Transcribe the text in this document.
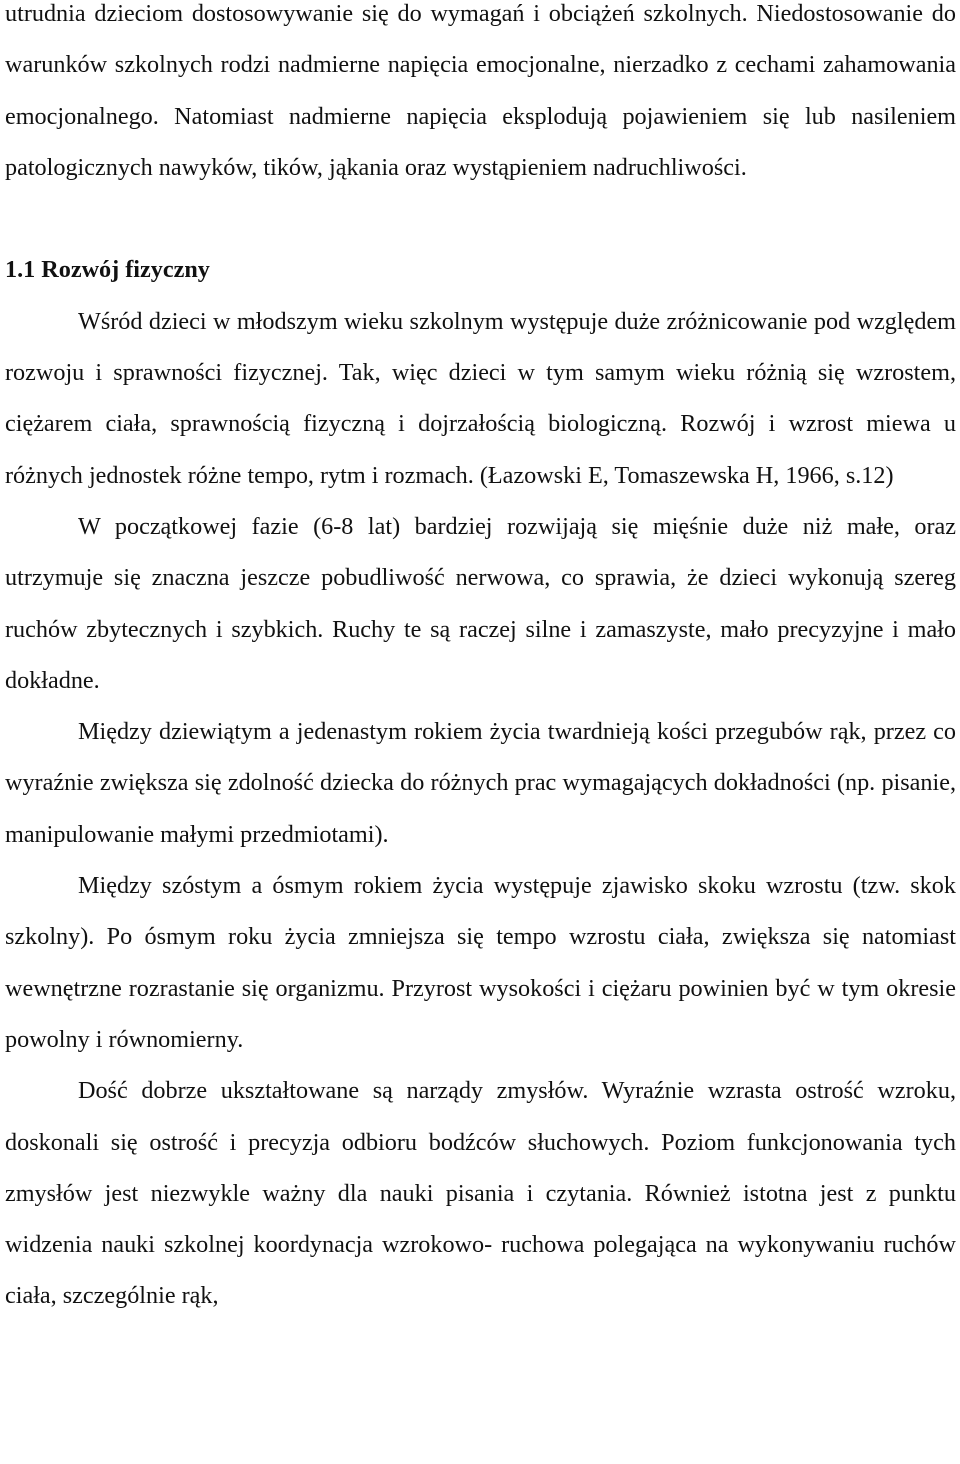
utrudnia dzieciom dostosowywanie się do wymagań i obciążeń szkolnych. Niedostosowanie do warunków szkolnych rodzi nadmierne napięcia emocjonalne, nierzadko z cechami zahamowania emocjonalnego. Natomiast nadmierne napięcia eksplodują pojawieniem się lub nasileniem patologicznych nawyków, tików, jąkania oraz wystąpieniem nadruchliwości.

1.1 Rozwój fizyczny

Wśród dzieci w młodszym wieku szkolnym występuje duże zróżnicowanie pod względem rozwoju i sprawności fizycznej. Tak, więc dzieci w tym samym wieku różnią się wzrostem, ciężarem ciała, sprawnością fizyczną i dojrzałością biologiczną. Rozwój i wzrost miewa u różnych jednostek różne tempo, rytm i rozmach. (Łazowski E, Tomaszewska H, 1966, s.12)

W początkowej fazie (6-8 lat) bardziej rozwijają się mięśnie duże niż małe, oraz utrzymuje się znaczna jeszcze pobudliwość nerwowa, co sprawia, że dzieci wykonują szereg ruchów zbytecznych i szybkich. Ruchy te są raczej silne i zamaszyste, mało precyzyjne i mało dokładne.

Między dziewiątym a jedenastym rokiem życia twardnieją kości przegubów rąk, przez co wyraźnie zwiększa się zdolność dziecka do różnych prac wymagających dokładności (np. pisanie, manipulowanie małymi przedmiotami).

Między szóstym a ósmym rokiem życia występuje zjawisko skoku wzrostu (tzw. skok szkolny). Po ósmym roku życia zmniejsza się tempo wzrostu ciała, zwiększa się natomiast wewnętrzne rozrastanie się organizmu. Przyrost wysokości i ciężaru powinien być w tym okresie powolny i równomierny.

Dość dobrze ukształtowane są narządy zmysłów. Wyraźnie wzrasta ostrość wzroku, doskonali się ostrość i precyzja odbioru bodźców słuchowych. Poziom funkcjonowania tych zmysłów jest niezwykle ważny dla nauki pisania i czytania. Również istotna jest z punktu widzenia nauki szkolnej koordynacja wzrokowo- ruchowa polegająca na wykonywaniu ruchów ciała, szczególnie rąk,
